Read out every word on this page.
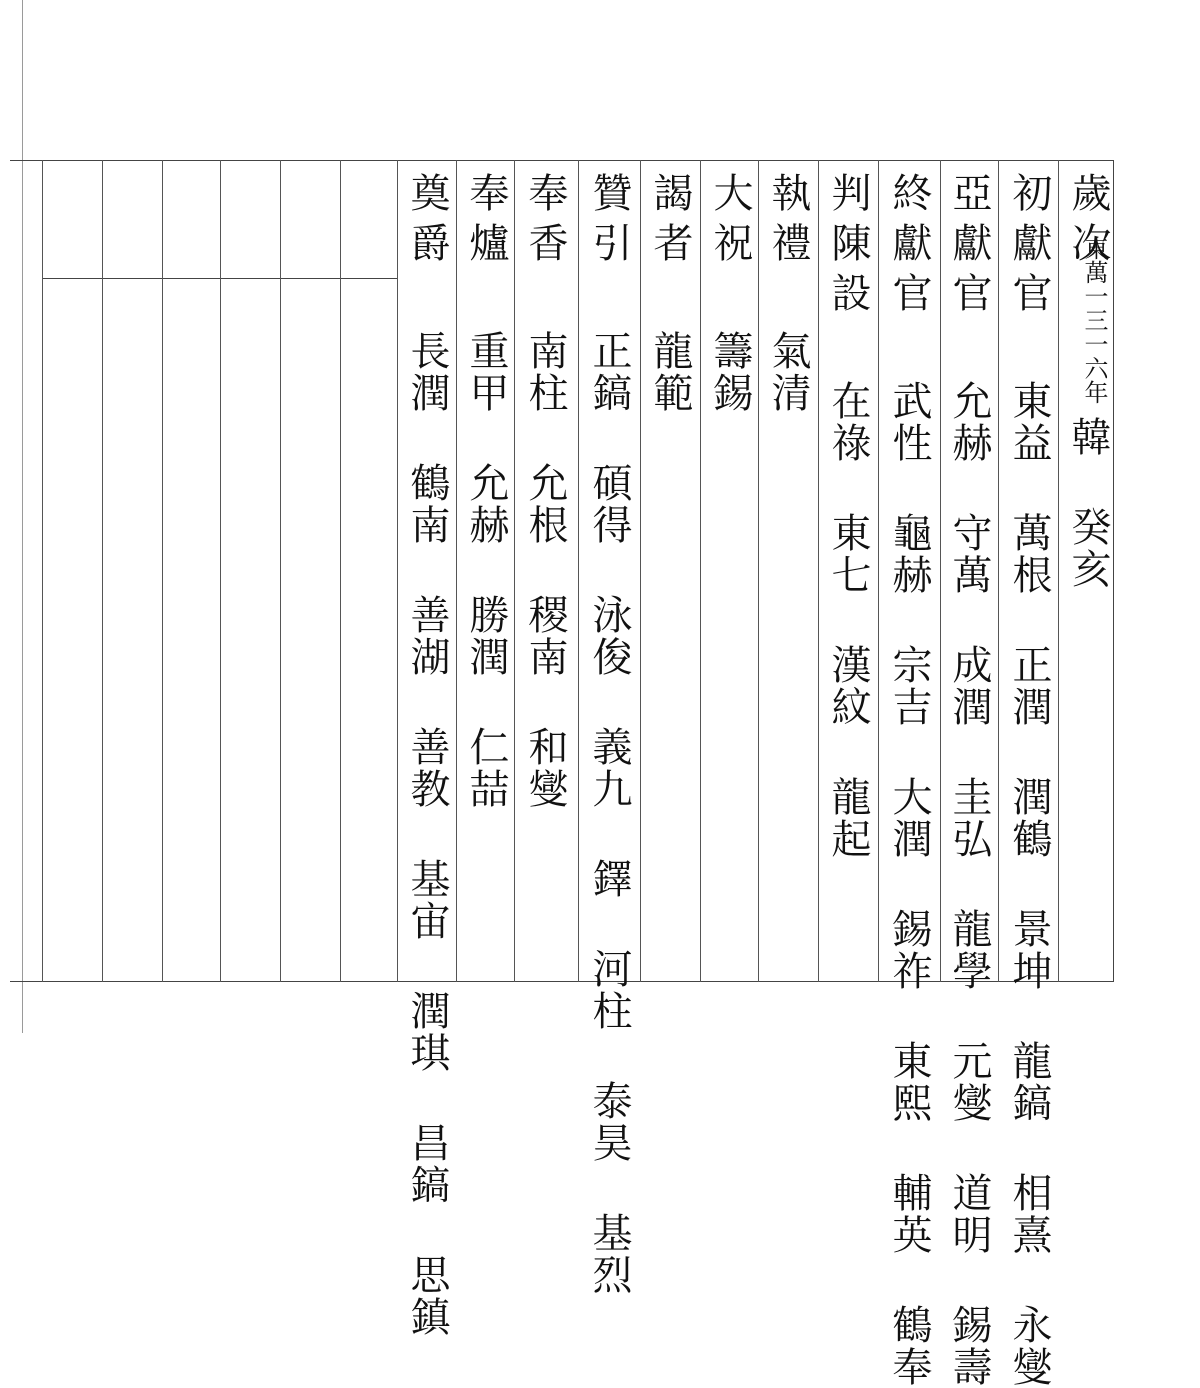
歲次
東萬一三一六年
韓 癸亥
初獻官 東益 萬根 正潤 潤鶴 景坤 龍鎬 相熹 永燮
亞獻官 允赫 守萬 成潤 圭弘 龍學 元燮 道明 錫壽
終獻官 武性 龜赫 宗吉 大潤 錫祚 東熙 輔英 鶴奉
判陳設 在祿 東七 漢紋 龍起
執禮 氣清
大祝 籌錫
謁者 龍範
贊引 正鎬 碩得 泳俊 義九 鐸 河柱 泰昊 基烈
奉香 南柱 允根 稷南 和燮
奉爐 重甲 允赫 勝潤 仁喆
奠爵 長潤 鶴南 善湖 善教 基宙 潤琪 昌鎬 思鎮
